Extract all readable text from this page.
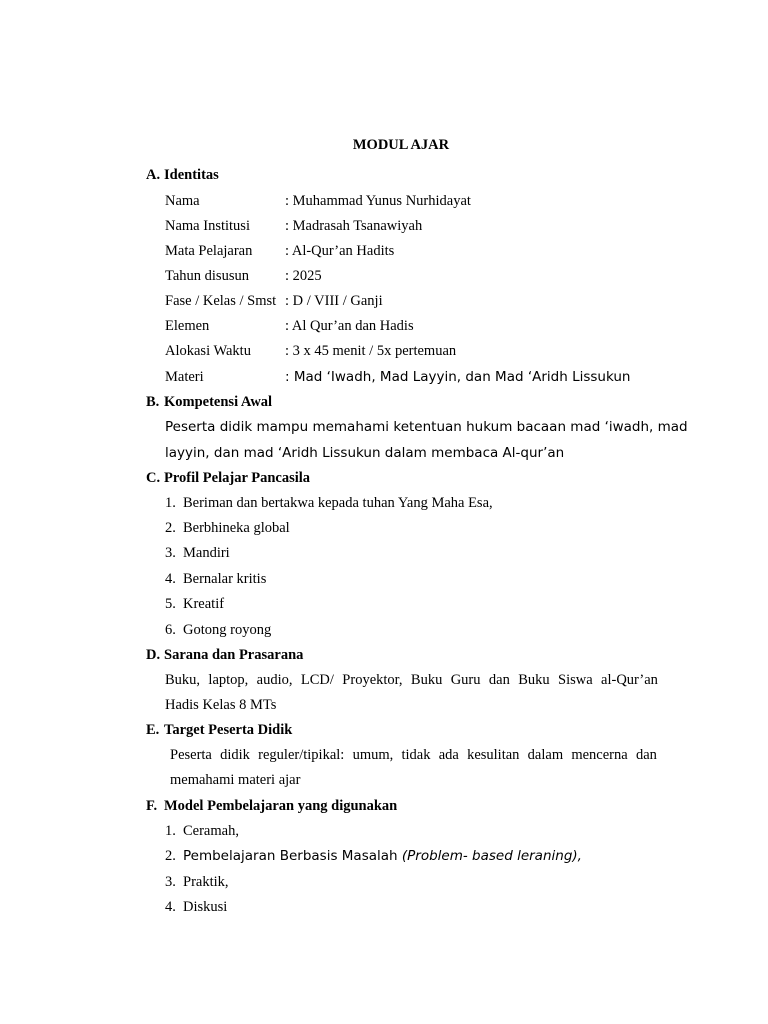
MODUL AJAR
A. Identitas
Nama	: Muhammad Yunus Nurhidayat
Nama Institusi : Madrasah Tsanawiyah
Mata Pelajaran : Al-Qur’an Hadits
Tahun disusun : 2025
Fase / Kelas / Smst : D / VIII / Ganji
Elemen	: Al Qur’an dan Hadis
Alokasi Waktu : 3 x 45 menit / 5x pertemuan
Materi	: Mad ‘Iwadh, Mad Layyin, dan Mad ‘Aridh Lissukun
B. Kompetensi Awal
Peserta didik mampu memahami ketentuan hukum bacaan mad ‘iwadh, mad
layyin, dan mad ‘Aridh Lissukun dalam membaca Al-qur’an
C. Profil Pelajar Pancasila
1. Beriman dan bertakwa kepada tuhan Yang Maha Esa,
2. Berbhineka global
3. Mandiri
4. Bernalar kritis
5. Kreatif
6. Gotong royong
D. Sarana dan Prasarana
Buku, laptop, audio, LCD/ Proyektor, Buku Guru dan Buku Siswa al-Qur’an
Hadis Kelas 8 MTs
E. Target Peserta Didik
Peserta didik reguler/tipikal: umum, tidak ada kesulitan dalam mencerna dan
memahami materi ajar
F. Model Pembelajaran yang digunakan
1. Ceramah,
2. Pembelajaran Berbasis Masalah (Problem- based leraning),
3. Praktik,
4. Diskusi
